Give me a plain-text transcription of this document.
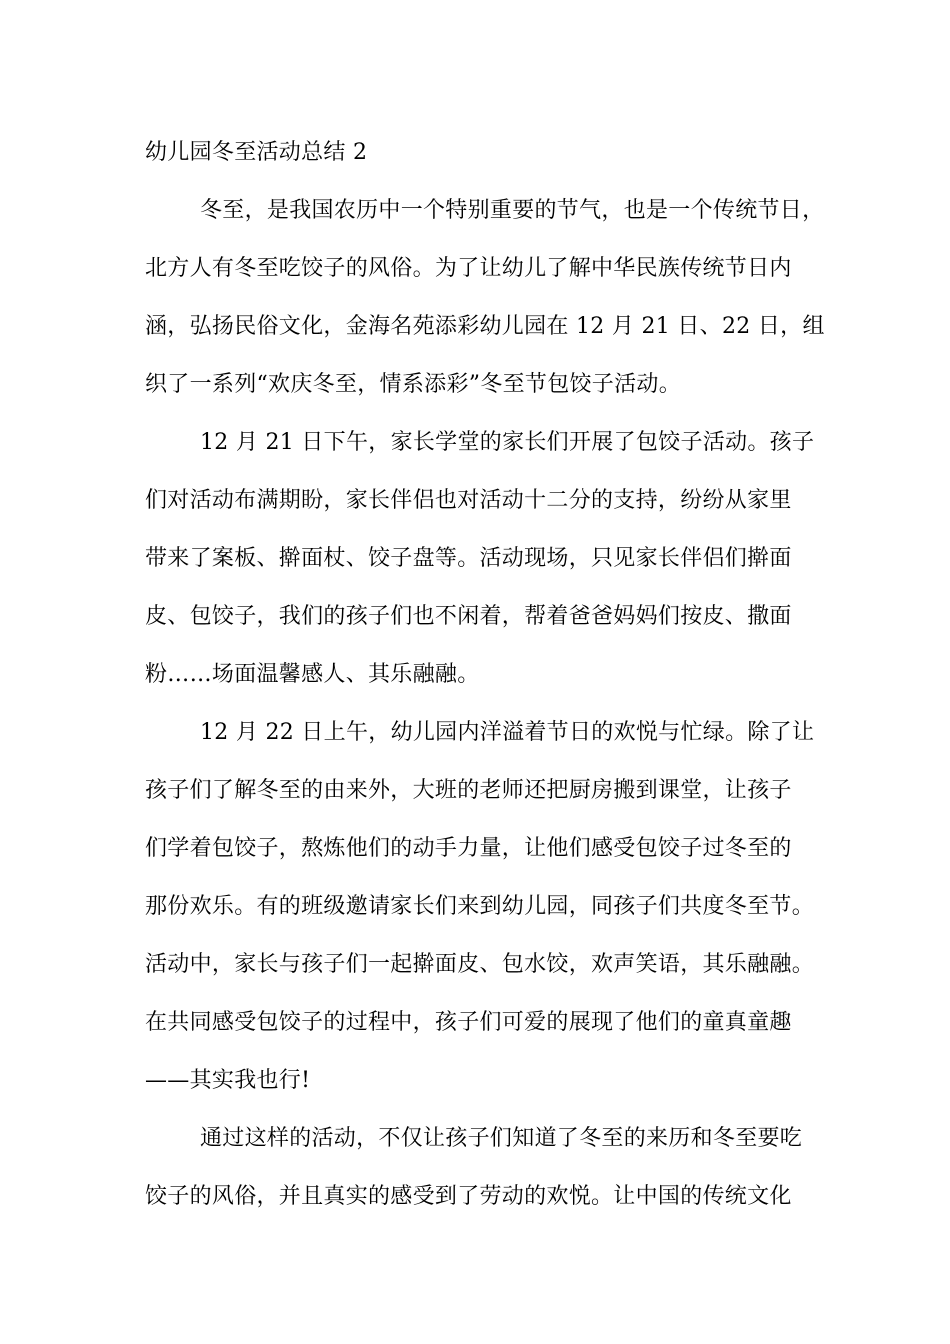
幼儿园冬至活动总结 2
冬至，是我国农历中一个特别重要的节气，也是一个传统节日，
北方人有冬至吃饺子的风俗。为了让幼儿了解中华民族传统节日内
涵，弘扬民俗文化，金海名苑添彩幼儿园在 12 月 21 日、22 日，组
织了一系列“欢庆冬至，情系添彩”冬至节包饺子活动。
12 月 21 日下午，家长学堂的家长们开展了包饺子活动。孩子
们对活动布满期盼，家长伴侣也对活动十二分的支持，纷纷从家里
带来了案板、擀面杖、饺子盘等。活动现场，只见家长伴侣们擀面
皮、包饺子，我们的孩子们也不闲着，帮着爸爸妈妈们按皮、撒面
粉……场面温馨感人、其乐融融。
12 月 22 日上午，幼儿园内洋溢着节日的欢悦与忙绿。除了让
孩子们了解冬至的由来外，大班的老师还把厨房搬到课堂，让孩子
们学着包饺子，熬炼他们的动手力量，让他们感受包饺子过冬至的
那份欢乐。有的班级邀请家长们来到幼儿园，同孩子们共度冬至节。
活动中，家长与孩子们一起擀面皮、包水饺，欢声笑语，其乐融融。
在共同感受包饺子的过程中，孩子们可爱的展现了他们的童真童趣
——其实我也行!
通过这样的活动，不仅让孩子们知道了冬至的来历和冬至要吃
饺子的风俗，并且真实的感受到了劳动的欢悦。让中国的传统文化
